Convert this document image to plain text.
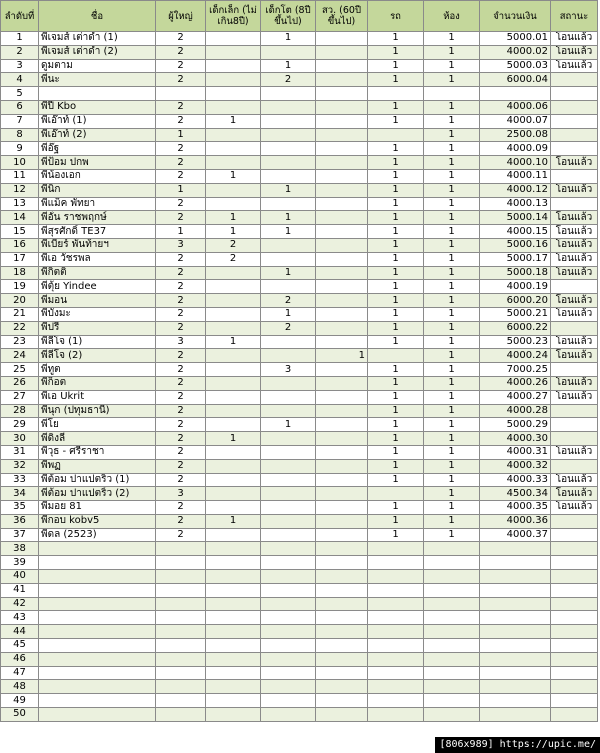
ลำดับที่	ชื่อ	ผู้ใหญ่	เด็กเล็ก (ไม่เกิน8ปี)	เด็กโต (8ปีขึ้นไป)	สว. (60ปีขึ้นไป)	รถ	ห้อง	จำนวนเงิน	สถานะ
1	พี่เจมส์ เต่าดำ (1)	2		1		1	1	5000.01	โอนแล้ว
2	พี่เจมส์ เต่าดำ (2)	2				1	1	4000.02	โอนแล้ว
3	ดูมตาม	2		1		1	1	5000.03	โอนแล้ว
4	พี่นะ	2		2		1	1	6000.04	
5									
6	พี่ปี Kbo	2				1	1	4000.06	
7	พี่เอ๊าท์ (1)	2	1			1	1	4000.07	
8	พี่เอ๊าท์ (2)	1					1	2500.08	
9	พี่อ๊ฐ	2				1	1	4000.09	
10	พี่ป้อม ปกพ	2				1	1	4000.10	โอนแล้ว
11	พี่น้องเอก	2	1			1	1	4000.11	
12	พี่นิก	1		1		1	1	4000.12	โอนแล้ว
13	พี่แม็ค พัทยา	2				1	1	4000.13	
14	พี่อั๋น ราชพฤกษ์	2	1	1		1	1	5000.14	โอนแล้ว
15	พี่สุรศักดิ์ TE37	1	1	1		1	1	4000.15	โอนแล้ว
16	พี่เบียร์ พันท้ายฯ	3	2			1	1	5000.16	โอนแล้ว
17	พี่เอ วัชรพล	2	2			1	1	5000.17	โอนแล้ว
18	พี่กิตติ	2		1		1	1	5000.18	โอนแล้ว
19	พี่ตุ้ย Yindee	2				1	1	4000.19	
20	พี่มอน	2		2		1	1	6000.20	โอนแล้ว
21	พี่บังมะ	2		1		1	1	5000.21	โอนแล้ว
22	พี่ปรี	2		2		1	1	6000.22	
23	พี่ลีโจ (1)	3	1			1	1	5000.23	โอนแล้ว
24	พี่ลีโจ (2)	2			1		1	4000.24	โอนแล้ว
25	พี่ทูต	2		3		1	1	7000.25	
26	พี่ก็อต	2				1	1	4000.26	โอนแล้ว
27	พี่เอ Ukrit	2				1	1	4000.27	โอนแล้ว
28	พี่นุก (ปทุมธานี)	2				1	1	4000.28	
29	พี่โย	2		1		1	1	5000.29	
30	พี่ดิงลี่	2	1			1	1	4000.30	
31	พี่วุธ - ศรีราชา	2				1	1	4000.31	โอนแล้ว
32	พี่พฏ	2				1	1	4000.32	
33	พี่ต้อม ปาแปตริ้ว (1)	2				1	1	4000.33	โอนแล้ว
34	พี่ต้อม ปาแปตริ้ว (2)	3					1	4500.34	โอนแล้ว
35	พี่มอย 81	2				1	1	4000.35	โอนแล้ว
36	พี่กอบ kobv5	2	1			1	1	4000.36	
37	พี่ดล (2523)	2				1	1	4000.37	
38									
39									
40									
41									
42									
43									
44									
45									
46									
47									
48									
49									
50									
[806x989] https://upic.me/
